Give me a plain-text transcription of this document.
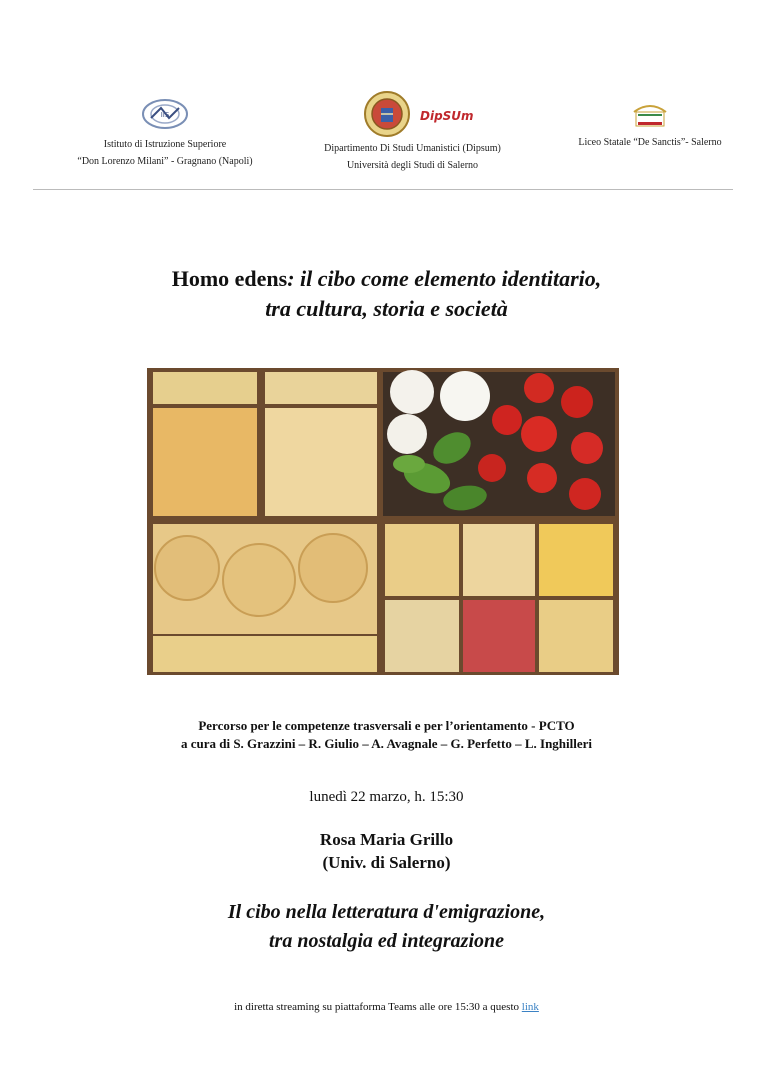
IIS
Istituto di Istruzione Superiore
“Don Lorenzo Milani” - Gragnano (Napoli)
DipSUm
Dipartimento Di Studi Umanistici (Dipsum)
Università degli Studi di Salerno
Liceo Statale “De Sanctis”- Salerno
Homo edens: il cibo come elemento identitario,
tra cultura, storia e società
Percorso per le competenze trasversali e per l’orientamento - PCTO
a cura di S. Grazzini – R. Giulio – A. Avagnale – G. Perfetto – L. Inghilleri
lunedì 22 marzo, h. 15:30
Rosa Maria Grillo
(Univ. di Salerno)
Il cibo nella letteratura d'emigrazione,
tra nostalgia ed integrazione
in diretta streaming su piattaforma Teams alle ore 15:30 a questo link
